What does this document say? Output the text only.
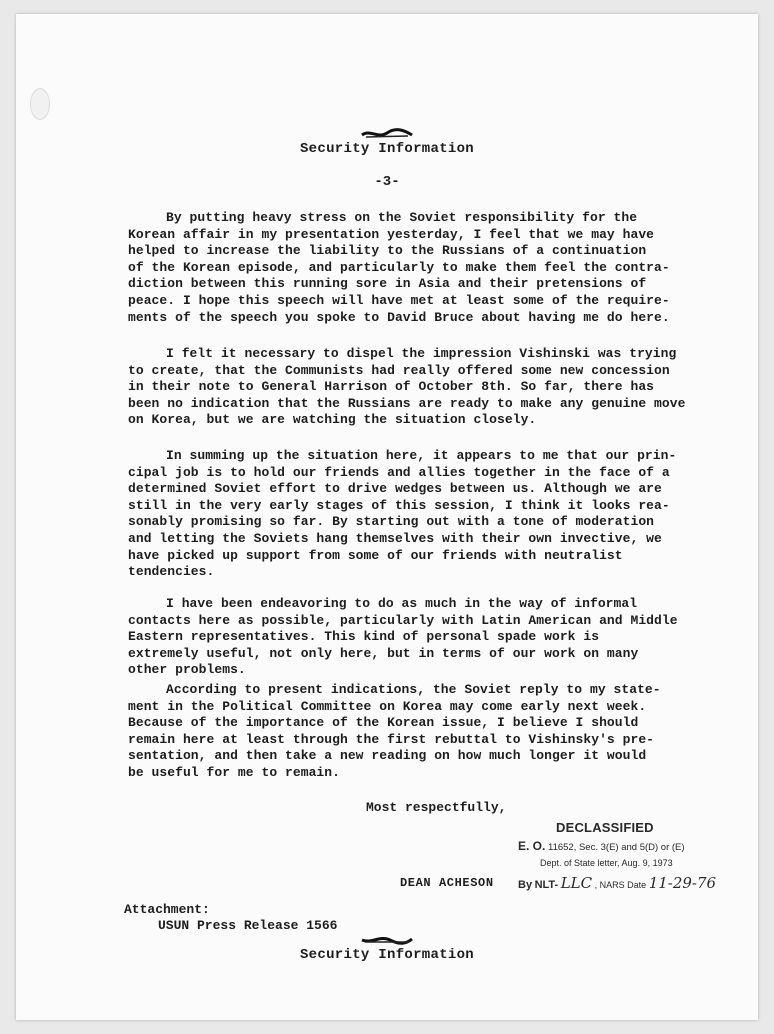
Security Information
-3-
By putting heavy stress on the Soviet responsibility for the
Korean affair in my presentation yesterday, I feel that we may have
helped to increase the liability to the Russians of a continuation
of the Korean episode, and particularly to make them feel the contra-
diction between this running sore in Asia and their pretensions of
peace. I hope this speech will have met at least some of the require-
ments of the speech you spoke to David Bruce about having me do here.
I felt it necessary to dispel the impression Vishinski was trying
to create, that the Communists had really offered some new concession
in their note to General Harrison of October 8th. So far, there has
been no indication that the Russians are ready to make any genuine move
on Korea, but we are watching the situation closely.
In summing up the situation here, it appears to me that our prin-
cipal job is to hold our friends and allies together in the face of a
determined Soviet effort to drive wedges between us. Although we are
still in the very early stages of this session, I think it looks rea-
sonably promising so far. By starting out with a tone of moderation
and letting the Soviets hang themselves with their own invective, we
have picked up support from some of our friends with neutralist
tendencies.
I have been endeavoring to do as much in the way of informal
contacts here as possible, particularly with Latin American and Middle
Eastern representatives. This kind of personal spade work is
extremely useful, not only here, but in terms of our work on many
other problems.
According to present indications, the Soviet reply to my state-
ment in the Political Committee on Korea may come early next week.
Because of the importance of the Korean issue, I believe I should
remain here at least through the first rebuttal to Vishinsky's pre-
sentation, and then take a new reading on how much longer it would
be useful for me to remain.
Most respectfully,
DEAN ACHESON
DECLASSIFIED
E. O. 11652, Sec. 3(E) and 5(D) or (E)
Dept. of State letter, Aug. 9, 1973
By NLT- LLC , NARS Date 11-29-76
Attachment:
USUN Press Release 1566
Security Information
